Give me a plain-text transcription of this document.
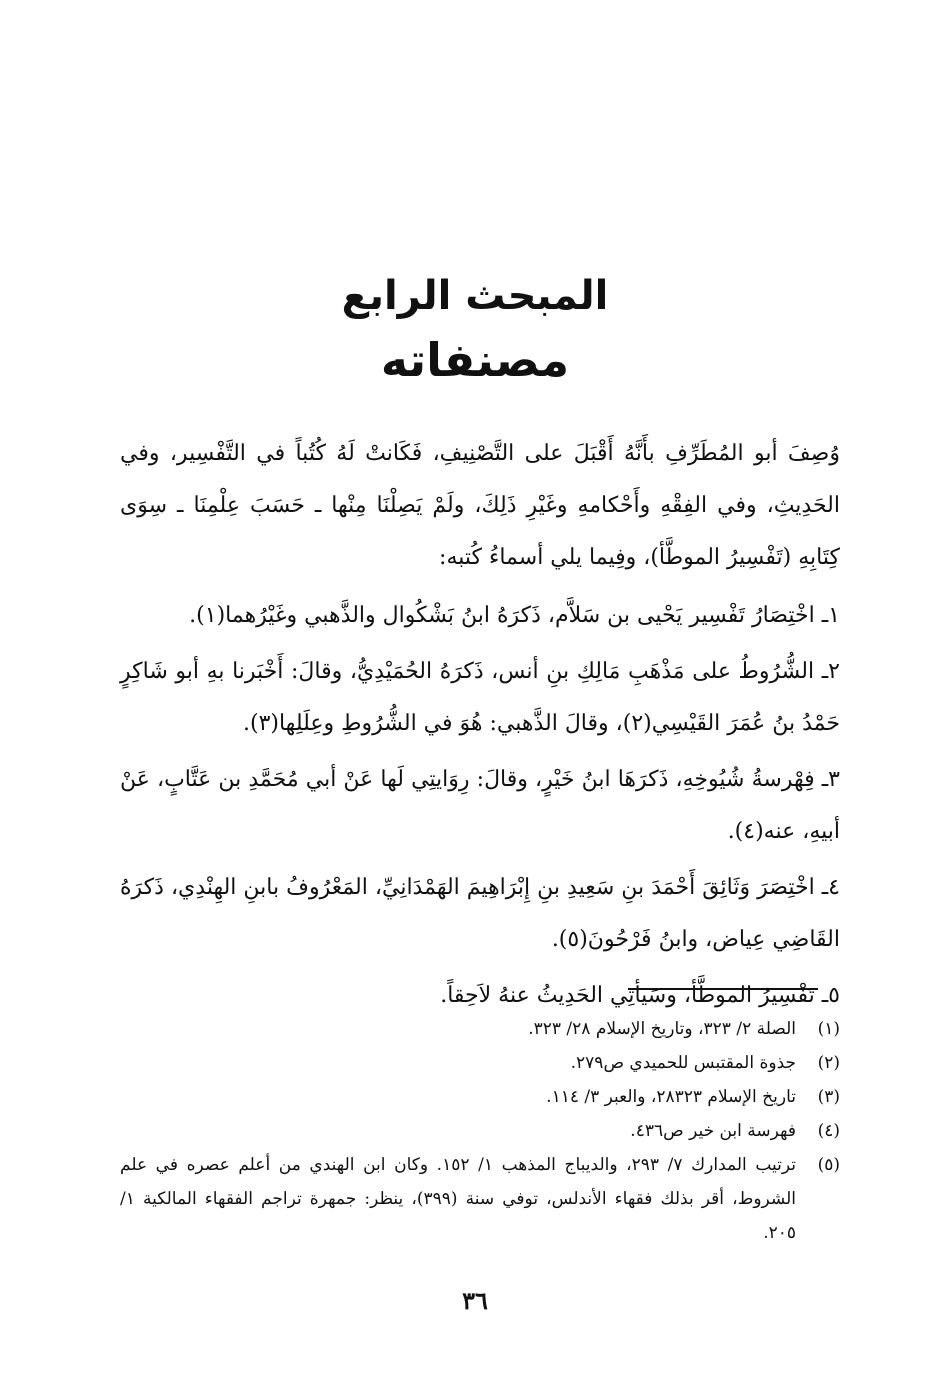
المبحث الرابع
مصنفاته

وُصِفَ أبو المُطَرِّفِ بأَنَّهُ أَقْبَلَ على التَّصْنِيفِ، فَكَانتْ لَهُ كُتُباً في التَّفْسِير، وفي الحَدِيثِ، وفي الفِقْهِ وأَحْكامهِ وغَيْرِ ذَلِكَ، ولَمْ يَصِلْنَا مِنْها ـ حَسَبَ عِلْمِنَا ـ سِوَى كِتَابِهِ (تَفْسِيرُ الموطَّأ)، وفِيما يلي أسماءُ كُتبه:

١ـ اخْتِصَارُ تَفْسِير يَحْيى بن سَلاَّم، ذَكرَهُ ابنُ بَشْكُوال والذَّهبي وغَيْرُهما(١).

٢ـ الشُّرُوطُ على مَذْهَبِ مَالِكِ بنِ أنس، ذَكرَهُ الحُمَيْدِيُّ، وقالَ: أَخْبَرنا بهِ أبو شَاكِرٍ حَمْدُ بنُ عُمَرَ القَيْسِي(٢)، وقالَ الذَّهبي: هُوَ في الشُّرُوطِ وعِلَلِها(٣).

٣ـ فِهْرسةُ شُيُوخِهِ، ذَكرَهَا ابنُ خَيْرٍ، وقالَ: رِوَايتِي لَها عَنْ أبي مُحَمَّدِ بن عَتَّابٍ، عَنْ أبيهِ، عنه(٤).

٤ـ اخْتِصَرَ وَثَائِقَ أَحْمَدَ بنِ سَعِيدِ بنِ إِبْرَاهِيمَ الهَمْدَانِيِّ، المَعْرُوفُ بابنِ الهِنْدِي، ذَكرَهُ القَاضِي عِياض، وابنُ فَرْحُونَ(٥).

٥ـ تَفْسِيرُ الموطَّأ، وسَيأتِي الحَدِيثُ عنهُ لاَحِقاً.

(١)
الصلة ٢/ ٣٢٣، وتاريخ الإسلام ٢٨/ ٣٢٣.
(٢)
جذوة المقتبس للحميدي ص٢٧٩.
(٣)
تاريخ الإسلام ٢٨٣٢٣، والعبر ٣/ ١١٤.
(٤)
فهرسة ابن خير ص٤٣٦.
(٥)
ترتيب المدارك ٧/ ٢٩٣، والديباج المذهب ١/ ١٥٢. وكان ابن الهندي من أعلم عصره في علم الشروط، أقر بذلك فقهاء الأندلس، توفي سنة (٣٩٩)، ينظر: جمهرة تراجم الفقهاء المالكية ١/ ٢٠٥.
٣٦
